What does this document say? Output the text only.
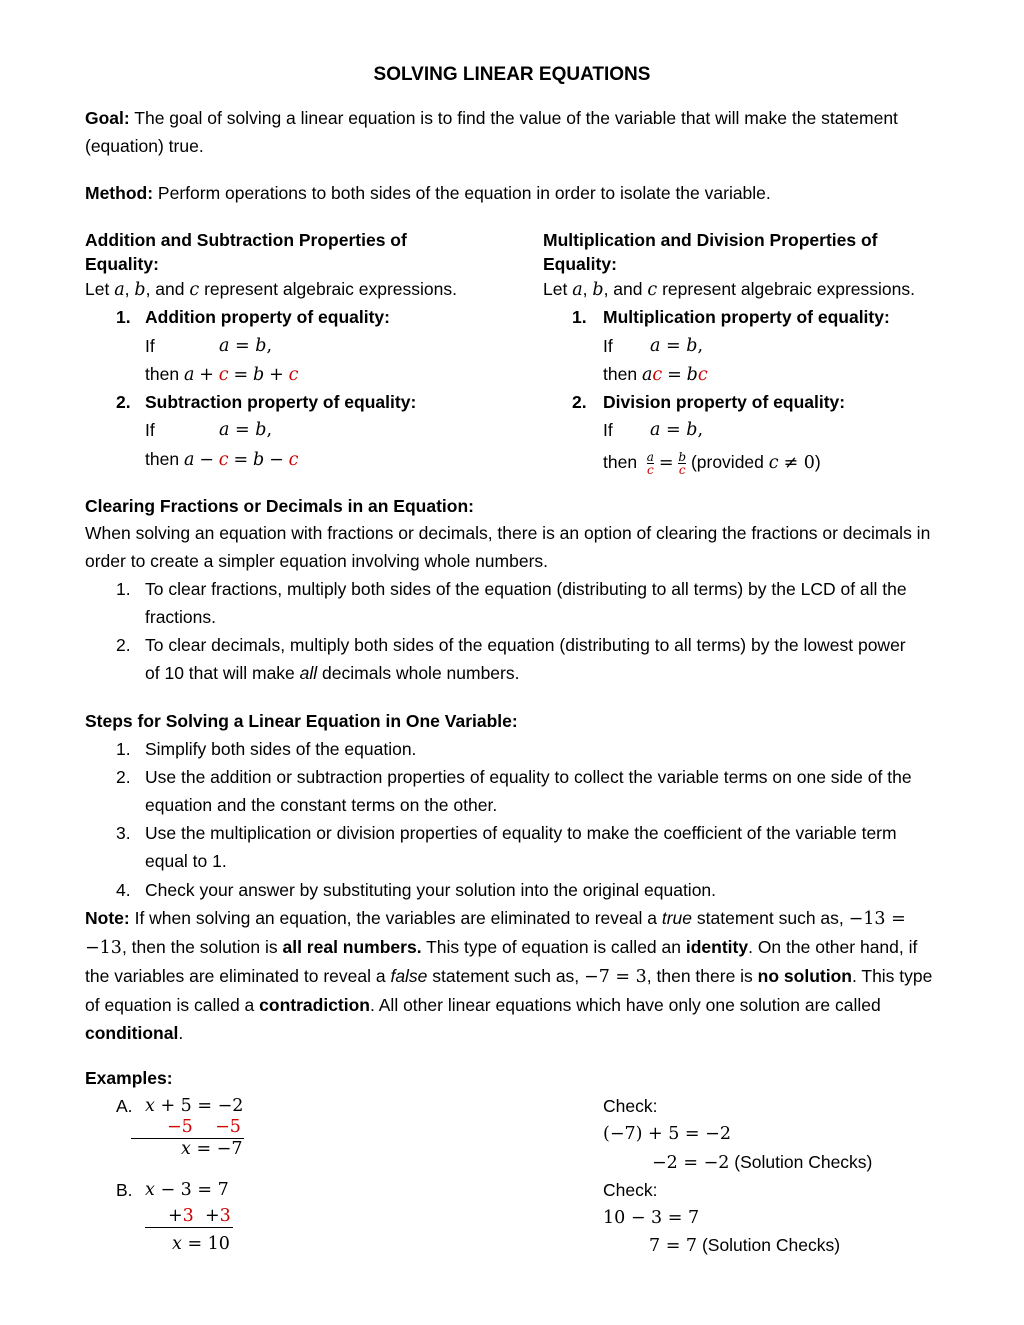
SOLVING LINEAR EQUATIONS
Goal: The goal of solving a linear equation is to find the value of the variable that will make the statement (equation) true.
Method: Perform operations to both sides of the equation in order to isolate the variable.
Addition and Subtraction Properties of
Equality:
Let a, b, and c represent algebraic expressions.
1. Addition property of equality:
If	a = b,
then a + c = b + c
2. Subtraction property of equality:
If	a = b,
then a − c = b − c
Multiplication and Division Properties of
Equality:
Let a, b, and c represent algebraic expressions.
1. Multiplication property of equality:
If a = b,
then ac = bc
2. Division property of equality:
If a = b,
then $\frac{a}{c} = \frac{b}{c}$ (provided c ≠ 0)
Clearing Fractions or Decimals in an Equation:
When solving an equation with fractions or decimals, there is an option of clearing the fractions or decimals in order to create a simpler equation involving whole numbers.
1. To clear fractions, multiply both sides of the equation (distributing to all terms) by the LCD of all the fractions.
2. To clear decimals, multiply both sides of the equation (distributing to all terms) by the lowest power of 10 that will make all decimals whole numbers.
Steps for Solving a Linear Equation in One Variable:
1. Simplify both sides of the equation.
2. Use the addition or subtraction properties of equality to collect the variable terms on one side of the equation and the constant terms on the other.
3. Use the multiplication or division properties of equality to make the coefficient of the variable term equal to 1.
4. Check your answer by substituting your solution into the original equation.
Note: If when solving an equation, the variables are eliminated to reveal a true statement such as, −13 = −13, then the solution is all real numbers. This type of equation is called an identity. On the other hand, if the variables are eliminated to reveal a false statement such as, −7 = 3, then there is no solution. This type of equation is called a contradiction. All other linear equations which have only one solution are called conditional.
Examples:
A. x + 5 = −2
−5 −5
x = −7
Check:
(−7) + 5 = −2
−2 = −2 (Solution Checks)
B. x − 3 = 7
+3  +3
x = 10
Check:
10 − 3 = 7
7 = 7 (Solution Checks)
